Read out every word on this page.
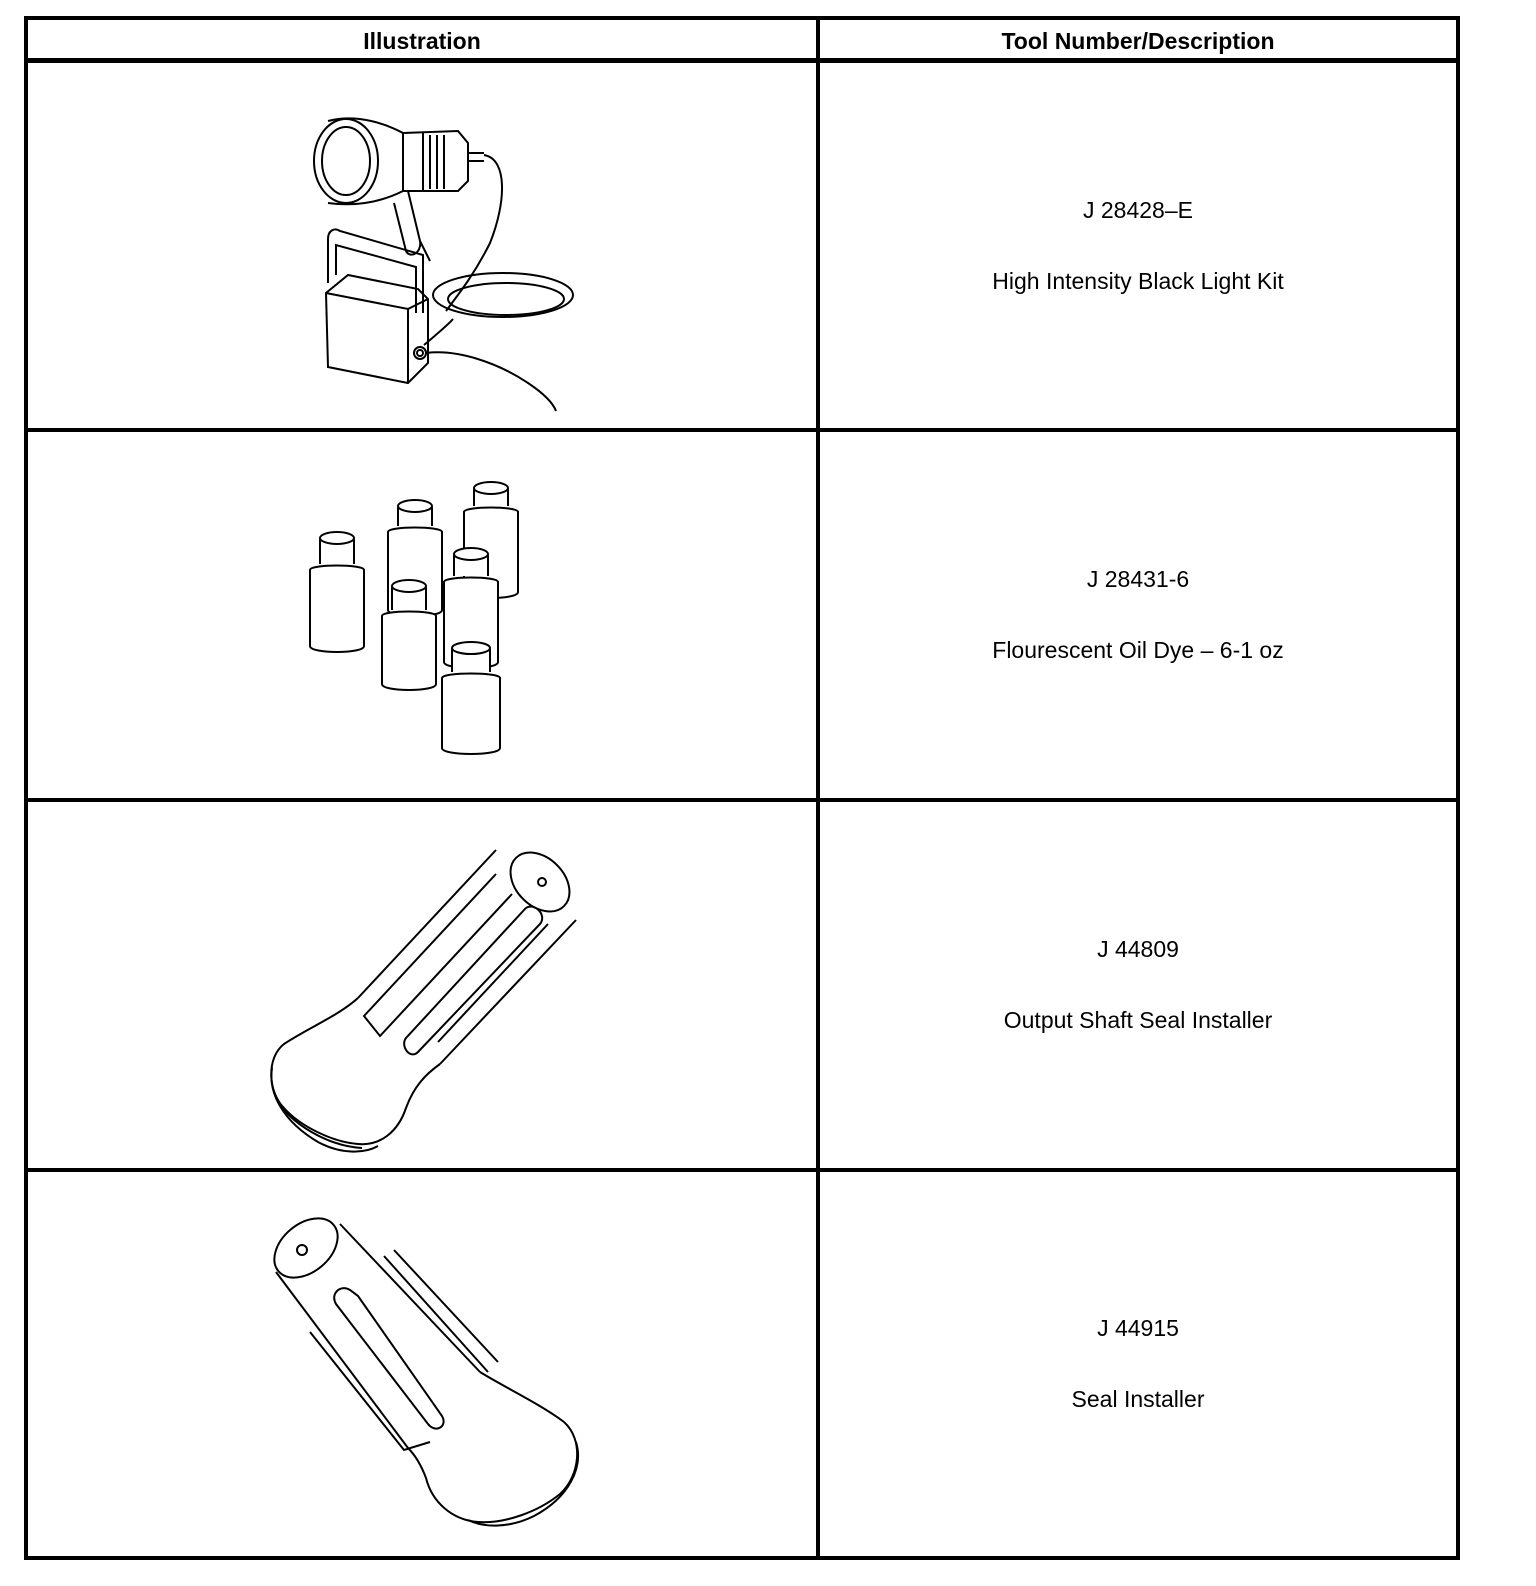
Illustration	Tool Number/Description
J 28428–E
High Intensity Black Light Kit
J 28431-6
Flourescent Oil Dye – 6-1 oz
J 44809
Output Shaft Seal Installer
J 44915
Seal Installer
